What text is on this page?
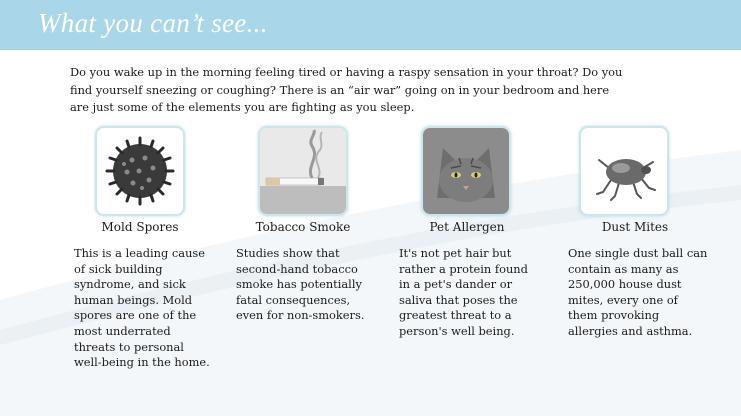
What you can’t see...
Do you wake up in the morning feeling tired or having a raspy sensation in your throat? Do you find yourself sneezing or coughing? There is an “air war” going on in your bedroom and here are just some of the elements you are fighting as you sleep.
Mold Spores
This is a leading cause of sick building syndrome, and sick human beings. Mold spores are one of the most underrated threats to personal well-being in the home.
Tobacco Smoke
Studies show that second-hand tobacco smoke has potentially fatal consequences, even for non-smokers.
Pet Allergen
It's not pet hair but rather a protein found in a pet's dander or saliva that poses the greatest threat to a person's well being.
Dust Mites
One single dust ball can contain as many as 250,000 house dust mites, every one of them provoking allergies and asthma.
